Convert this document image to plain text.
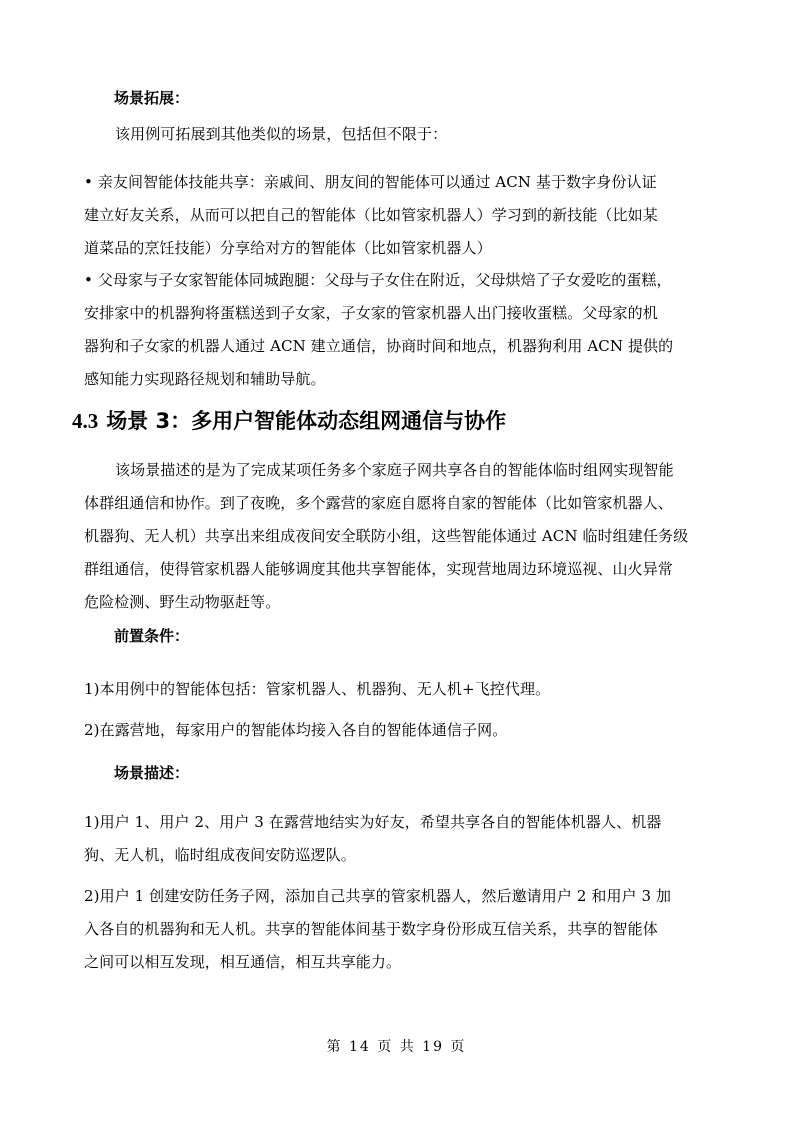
场景拓展：
该用例可拓展到其他类似的场景，包括但不限于：
• 亲友间智能体技能共享：亲戚间、朋友间的智能体可以通过 ACN 基于数字身份认证
建立好友关系，从而可以把自己的智能体（比如管家机器人）学习到的新技能（比如某
道菜品的烹饪技能）分享给对方的智能体（比如管家机器人）
• 父母家与子女家智能体同城跑腿：父母与子女住在附近，父母烘焙了子女爱吃的蛋糕，
安排家中的机器狗将蛋糕送到子女家，子女家的管家机器人出门接收蛋糕。父母家的机
器狗和子女家的机器人通过 ACN 建立通信，协商时间和地点，机器狗利用 ACN 提供的
感知能力实现路径规划和辅助导航。
4.3 场景 3：多用户智能体动态组网通信与协作
该场景描述的是为了完成某项任务多个家庭子网共享各自的智能体临时组网实现智能
体群组通信和协作。到了夜晚，多个露营的家庭自愿将自家的智能体（比如管家机器人、
机器狗、无人机）共享出来组成夜间安全联防小组，这些智能体通过 ACN 临时组建任务级
群组通信，使得管家机器人能够调度其他共享智能体，实现营地周边环境巡视、山火异常
危险检测、野生动物驱赶等。
前置条件：
1)本用例中的智能体包括：管家机器人、机器狗、无人机+飞控代理。
2)在露营地，每家用户的智能体均接入各自的智能体通信子网。
场景描述：
1)用户 1、用户 2、用户 3 在露营地结实为好友，希望共享各自的智能体机器人、机器
狗、无人机，临时组成夜间安防巡逻队。
2)用户 1 创建安防任务子网，添加自己共享的管家机器人，然后邀请用户 2 和用户 3 加
入各自的机器狗和无人机。共享的智能体间基于数字身份形成互信关系，共享的智能体
之间可以相互发现，相互通信，相互共享能力。
第 14 页 共 19 页
